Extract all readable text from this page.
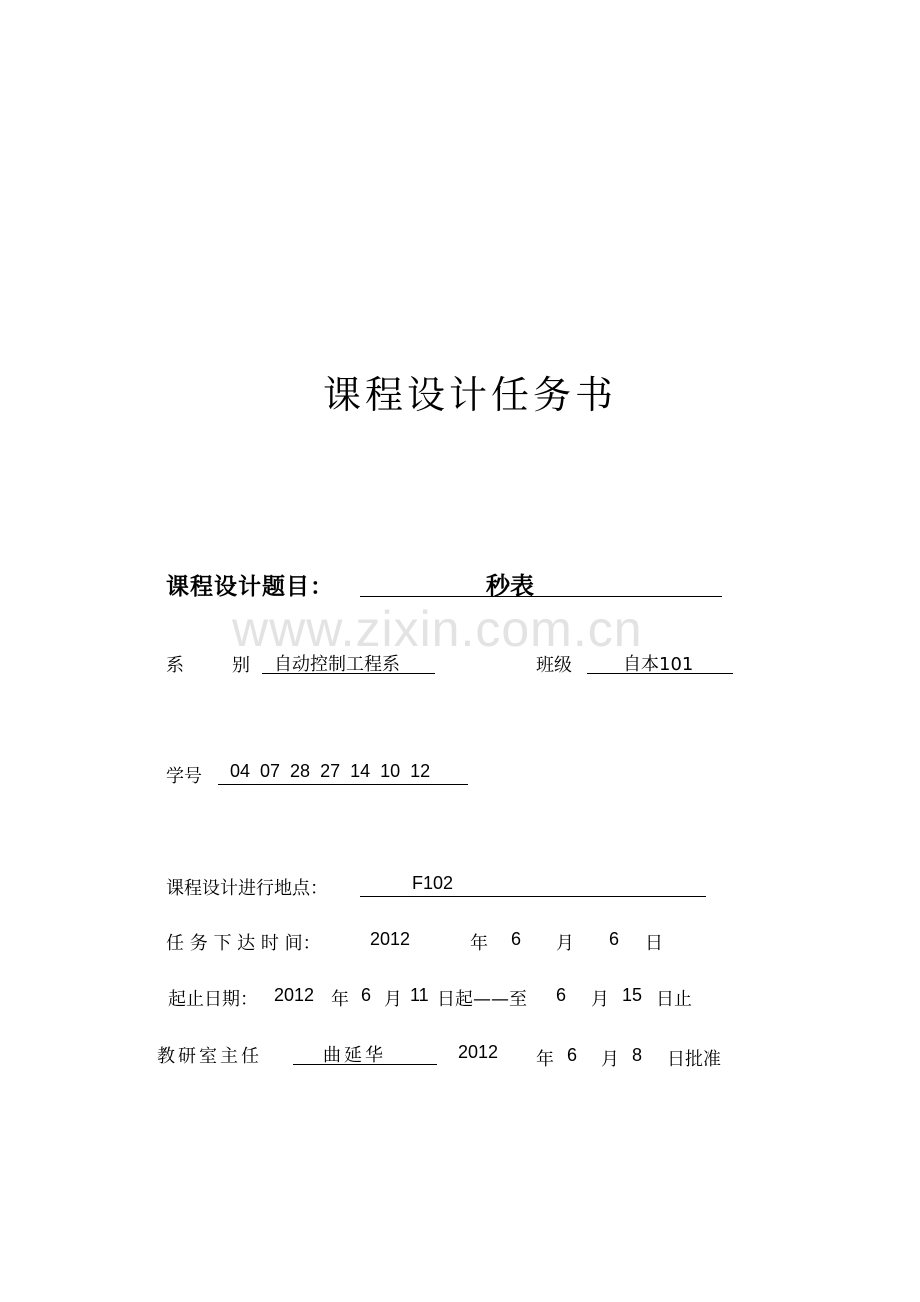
课程设计任务书
www.zixin.com.cn
课程设计题目：	秒表
系	别 自动控制工程系	班级	自本101
学号 04  07  28  27  14  10  12
课程设计进行地点：	F102
任 务 下 达 时 间：	2012	年 6 月 6 日
起止日期： 2012 年 6 月 11 日起——至 6 月 15 日止
教研室主任	曲延华	2012 年 6 月 8 日批准
